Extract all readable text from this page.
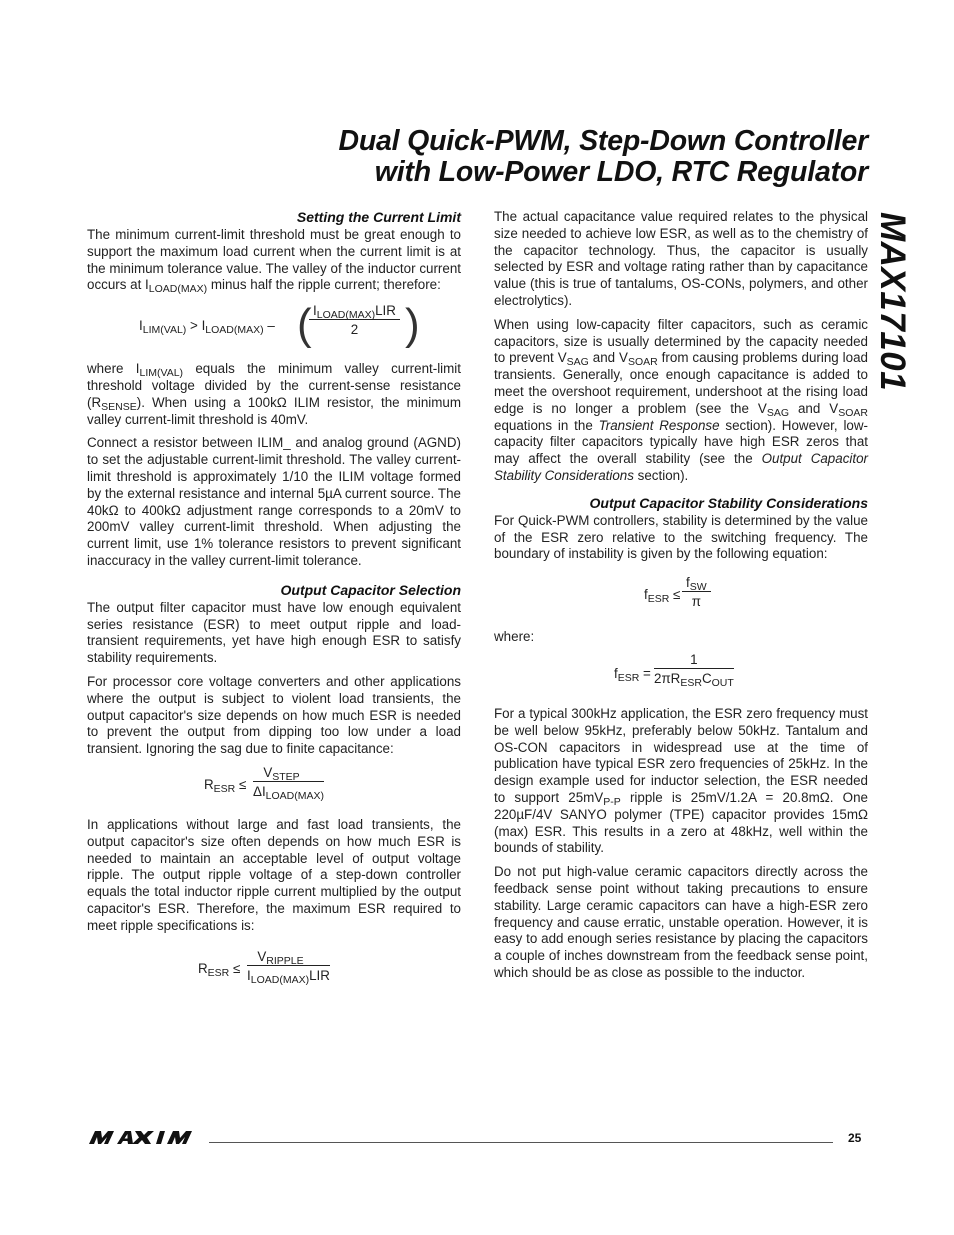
Dual Quick-PWM, Step-Down Controller
with Low-Power LDO, RTC Regulator
MAX17101
Setting the Current Limit

The minimum current-limit threshold must be great enough to support the maximum load current when the current limit is at the minimum tolerance value. The valley of the inductor current occurs at $I_{LOAD(MAX)}$ minus half the ripple current; therefore:

$I_{LIM(VAL)} > I_{LOAD(MAX)}$ – ( $I_{LOAD(MAX)}LIR$
2	)

where $I_{LIM(VAL)}$ equals the minimum valley current-limit threshold voltage divided by the current-sense resistance $(R_{SENSE})$. When using a 100kΩ ILIM resistor, the minimum valley current-limit threshold is 40mV.

Connect a resistor between ILIM_ and analog ground (AGND) to set the adjustable current-limit threshold. The valley current-limit threshold is approximately 1/10 the ILIM voltage formed by the external resistance and internal 5µA current source. The 40kΩ to 400kΩ adjustment range corresponds to a 20mV to 200mV valley current-limit threshold. When adjusting the current limit, use 1% tolerance resistors to prevent significant inaccuracy in the valley current-limit tolerance.

Output Capacitor Selection

The output filter capacitor must have low enough equivalent series resistance (ESR) to meet output ripple and load-transient requirements, yet have high enough ESR to satisfy stability requirements.

For processor core voltage converters and other applications where the output is subject to violent load transients, the output capacitor's size depends on how much ESR is needed to prevent the output from dipping too low under a load transient. Ignoring the sag due to finite capacitance:

$R_{ESR}$ ≤
$V_{STEP}$
$\Delta I_{LOAD(MAX)}$

In applications without large and fast load transients, the output capacitor's size often depends on how much ESR is needed to maintain an acceptable level of output voltage ripple. The output ripple voltage of a step-down controller equals the total inductor ripple current multiplied by the output capacitor's ESR. Therefore, the maximum ESR required to meet ripple specifications is:

$R_{ESR}$ ≤
$V_{RIPPLE}$
$I_{LOAD(MAX)}LIR$

The actual capacitance value required relates to the physical size needed to achieve low ESR, as well as to the chemistry of the capacitor technology. Thus, the capacitor is usually selected by ESR and voltage rating rather than by capacitance value (this is true of tantalums, OS-CONs, polymers, and other electrolytics).

When using low-capacity filter capacitors, such as ceramic capacitors, size is usually determined by the capacity needed to prevent $V_{SAG}$ and $V_{SOAR}$ from causing problems during load transients. Generally, once enough capacitance is added to meet the overshoot requirement, undershoot at the rising load edge is no longer a problem (see the $V_{SAG}$ and $V_{SOAR}$ equations in the Transient Response section). However, low-capacity filter capacitors typically have high ESR zeros that may affect the overall stability (see the Output Capacitor Stability Considerations section).

Output Capacitor Stability Considerations

For Quick-PWM controllers, stability is determined by the value of the ESR zero relative to the switching frequency. The boundary of instability is given by the following equation:

$f_{ESR}$ ≤
$f_{SW}$
π

where:

$f_{ESR}$ =
1
$2\pi R_{ESR}C_{OUT}$

For a typical 300kHz application, the ESR zero frequency must be well below 95kHz, preferably below 50kHz. Tantalum and OS-CON capacitors in widespread use at the time of publication have typical ESR zero frequencies of 25kHz. In the design example used for inductor selection, the ESR needed to support $25mV_{P-P}$ ripple is 25mV/1.2A = 20.8mΩ. One 220µF/4V SANYO polymer (TPE) capacitor provides 15mΩ (max) ESR. This results in a zero at 48kHz, well within the bounds of stability.

Do not put high-value ceramic capacitors directly across the feedback sense point without taking precautions to ensure stability. Large ceramic capacitors can have a high-ESR zero frequency and cause erratic, unstable operation. However, it is easy to add enough series resistance by placing the capacitors a couple of inches downstream from the feedback sense point, which should be as close as possible to the inductor.

25
